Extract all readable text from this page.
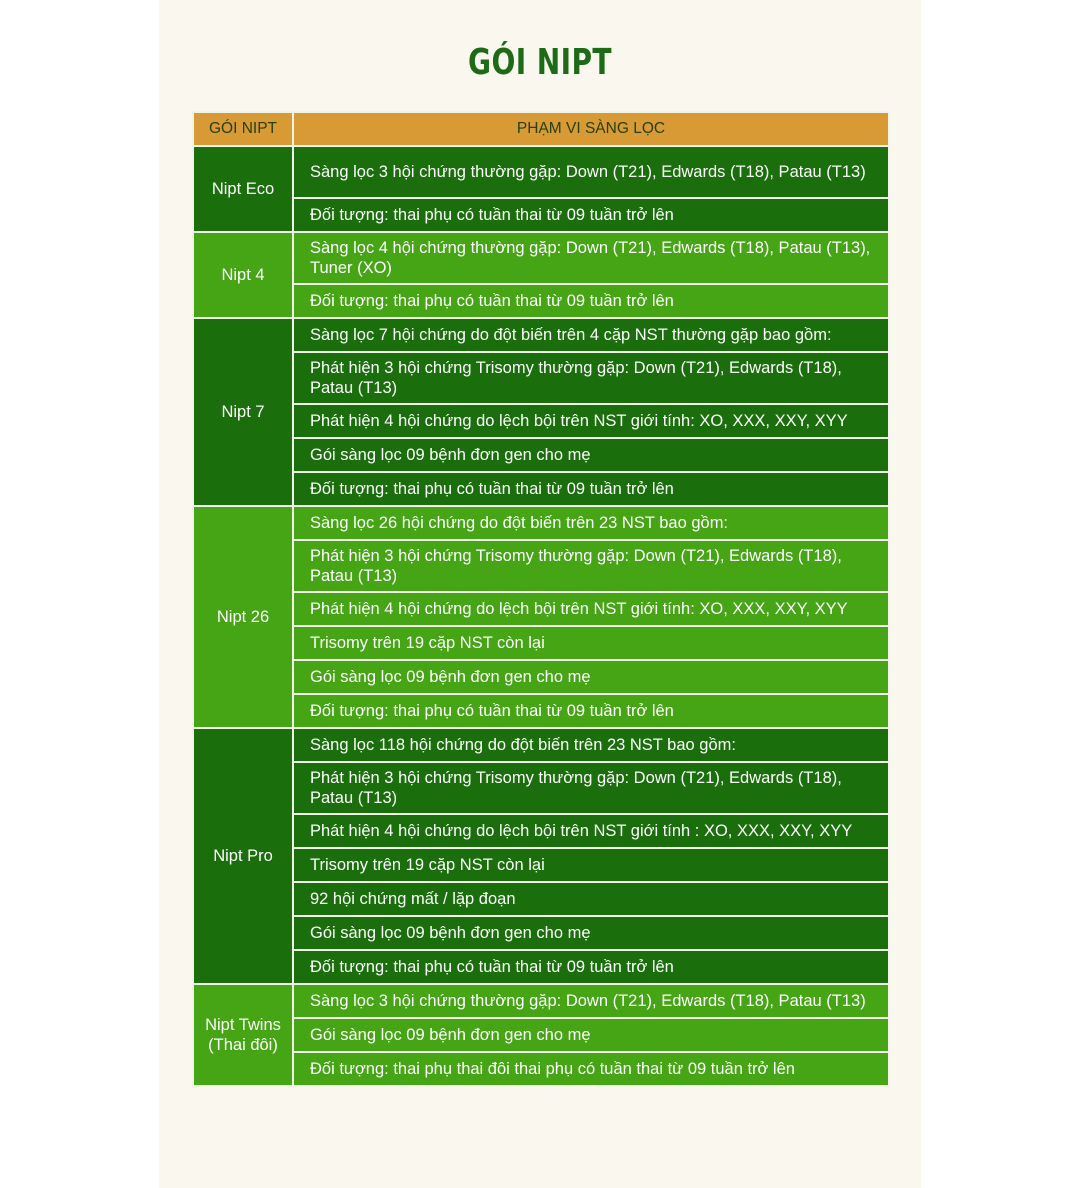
GÓI NIPT
GÓI NIPT	PHẠM VI SÀNG LỌC
Nipt Eco	Sàng lọc 3 hội chứng thường gặp: Down (T21), Edwards (T18), Patau (T13)
	Đối tượng: thai phụ có tuần thai từ 09 tuần trở lên
Nipt 4	Sàng lọc 4 hội chứng thường gặp: Down (T21), Edwards (T18), Patau (T13), Tuner (XO)
	Đối tượng: thai phụ có tuần thai từ 09 tuần trở lên
Nipt 7	Sàng lọc 7 hội chứng do đột biến trên 4 cặp NST thường gặp bao gồm:
	Phát hiện 3 hội chứng Trisomy thường gặp: Down (T21), Edwards (T18), Patau (T13)
	Phát hiện 4 hội chứng do lệch bội trên NST giới tính: XO, XXX, XXY, XYY
	Gói sàng lọc 09 bệnh đơn gen cho mẹ
	Đối tượng: thai phụ có tuần thai từ 09 tuần trở lên
Nipt 26	Sàng lọc 26 hội chứng do đột biến trên 23 NST bao gồm:
	Phát hiện 3 hội chứng Trisomy thường gặp: Down (T21), Edwards (T18), Patau (T13)
	Phát hiện 4 hội chứng do lệch bội trên NST giới tính: XO, XXX, XXY, XYY
	Trisomy trên 19 cặp NST còn lại
	Gói sàng lọc 09 bệnh đơn gen cho mẹ
	Đối tượng: thai phụ có tuần thai từ 09 tuần trở lên
Nipt Pro	Sàng lọc 118 hội chứng do đột biến trên 23 NST bao gồm:
	Phát hiện 3 hội chứng Trisomy thường gặp: Down (T21), Edwards (T18), Patau (T13)
	Phát hiện 4 hội chứng do lệch bội trên NST giới tính : XO, XXX, XXY, XYY
	Trisomy trên 19 cặp NST còn lại
	92 hội chứng mất / lặp đoạn
	Gói sàng lọc 09 bệnh đơn gen cho mẹ
	Đối tượng: thai phụ có tuần thai từ 09 tuần trở lên
Nipt Twins (Thai đôi)	Sàng lọc 3 hội chứng thường gặp: Down (T21), Edwards (T18), Patau (T13)
	Gói sàng lọc 09 bệnh đơn gen cho mẹ
	Đối tượng: thai phụ thai đôi thai phụ có tuần thai từ 09 tuần trở lên
